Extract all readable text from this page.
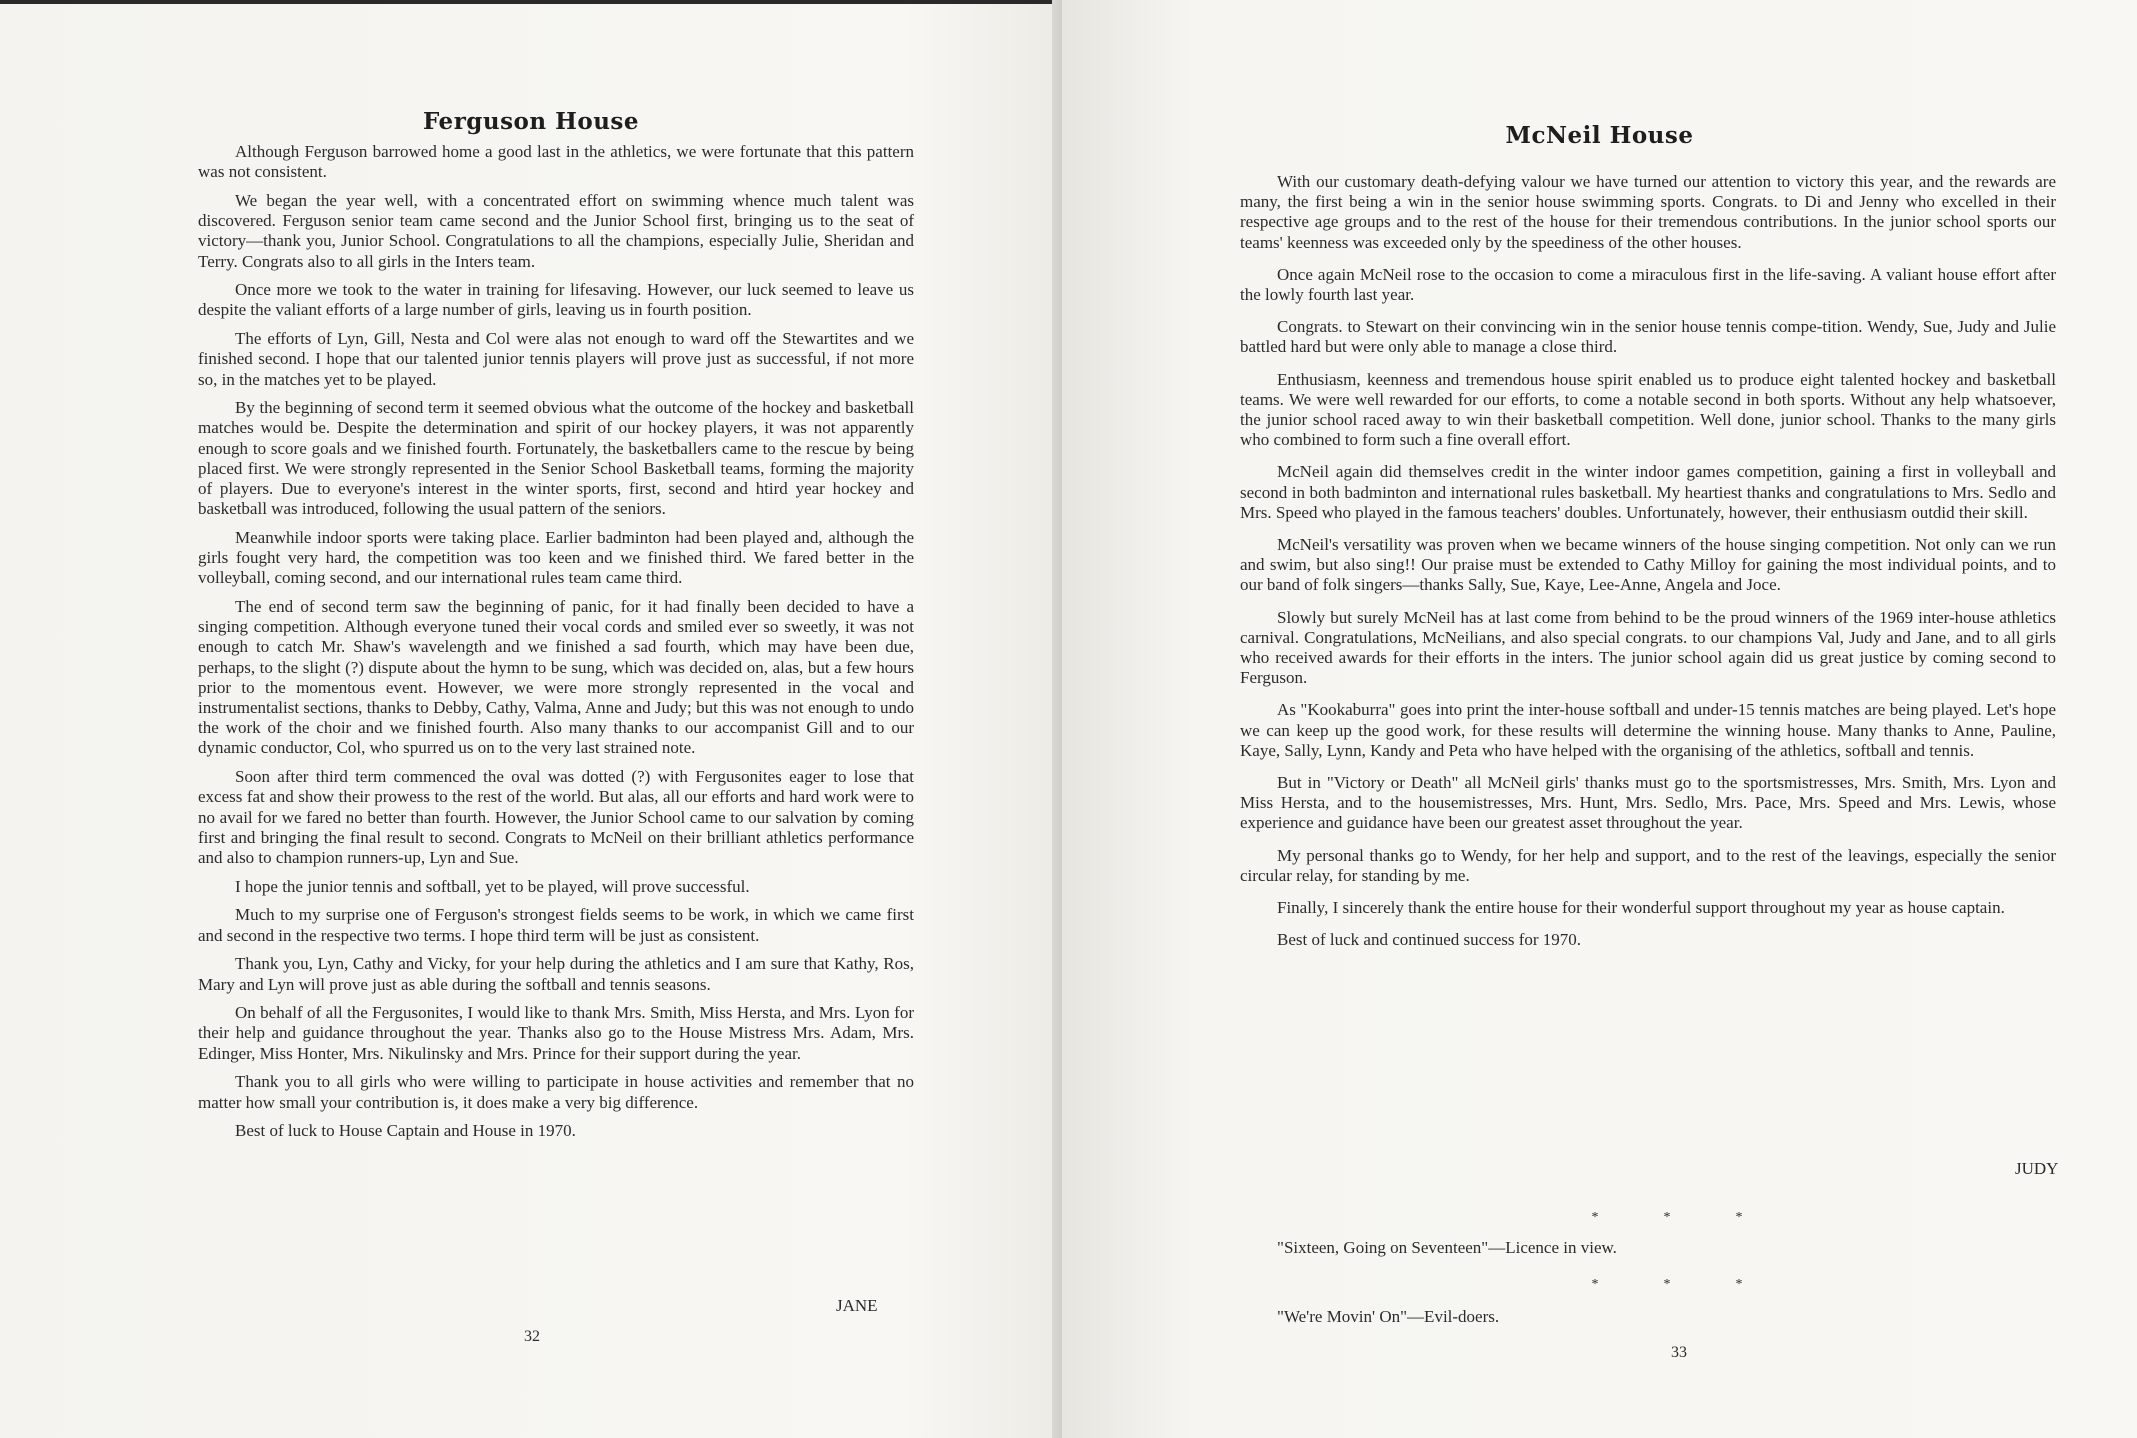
Ferguson House

Although Ferguson barrowed home a good last in the athletics, we were fortunate that this pattern was not consistent.

We began the year well, with a concentrated effort on swimming whence much talent was discovered. Ferguson senior team came second and the Junior School first, bringing us to the seat of victory—thank you, Junior School. Congratulations to all the champions, especially Julie, Sheridan and Terry. Congrats also to all girls in the Inters team.

Once more we took to the water in training for lifesaving. However, our luck seemed to leave us despite the valiant efforts of a large number of girls, leaving us in fourth position.

The efforts of Lyn, Gill, Nesta and Col were alas not enough to ward off the Stewartites and we finished second. I hope that our talented junior tennis players will prove just as successful, if not more so, in the matches yet to be played.

By the beginning of second term it seemed obvious what the outcome of the hockey and basketball matches would be. Despite the determination and spirit of our hockey players, it was not apparently enough to score goals and we finished fourth. Fortunately, the basketballers came to the rescue by being placed first. We were strongly represented in the Senior School Basketball teams, forming the majority of players. Due to everyone's interest in the winter sports, first, second and htird year hockey and basketball was introduced, following the usual pattern of the seniors.

Meanwhile indoor sports were taking place. Earlier badminton had been played and, although the girls fought very hard, the competition was too keen and we finished third. We fared better in the volleyball, coming second, and our international rules team came third.

The end of second term saw the beginning of panic, for it had finally been decided to have a singing competition. Although everyone tuned their vocal cords and smiled ever so sweetly, it was not enough to catch Mr. Shaw's wavelength and we finished a sad fourth, which may have been due, perhaps, to the slight (?) dispute about the hymn to be sung, which was decided on, alas, but a few hours prior to the momentous event. However, we were more strongly represented in the vocal and instrumentalist sections, thanks to Debby, Cathy, Valma, Anne and Judy; but this was not enough to undo the work of the choir and we finished fourth. Also many thanks to our accompanist Gill and to our dynamic conductor, Col, who spurred us on to the very last strained note.

Soon after third term commenced the oval was dotted (?) with Fergusonites eager to lose that excess fat and show their prowess to the rest of the world. But alas, all our efforts and hard work were to no avail for we fared no better than fourth. However, the Junior School came to our salvation by coming first and bringing the final result to second. Congrats to McNeil on their brilliant athletics performance and also to champion runners-up, Lyn and Sue.

I hope the junior tennis and softball, yet to be played, will prove successful.

Much to my surprise one of Ferguson's strongest fields seems to be work, in which we came first and second in the respective two terms. I hope third term will be just as consistent.

Thank you, Lyn, Cathy and Vicky, for your help during the athletics and I am sure that Kathy, Ros, Mary and Lyn will prove just as able during the softball and tennis seasons.

On behalf of all the Fergusonites, I would like to thank Mrs. Smith, Miss Hersta, and Mrs. Lyon for their help and guidance throughout the year. Thanks also go to the House Mistress Mrs. Adam, Mrs. Edinger, Miss Honter, Mrs. Nikulinsky and Mrs. Prince for their support during the year.

Thank you to all girls who were willing to participate in house activities and remember that no matter how small your contribution is, it does make a very big difference.

Best of luck to House Captain and House in 1970.

JANE
32
McNeil House

With our customary death-defying valour we have turned our attention to victory this year, and the rewards are many, the first being a win in the senior house swimming sports. Congrats. to Di and Jenny who excelled in their respective age groups and to the rest of the house for their tremendous contributions. In the junior school sports our teams' keenness was exceeded only by the speediness of the other houses.

Once again McNeil rose to the occasion to come a miraculous first in the life-saving. A valiant house effort after the lowly fourth last year.

Congrats. to Stewart on their convincing win in the senior house tennis compe-tition. Wendy, Sue, Judy and Julie battled hard but were only able to manage a close third.

Enthusiasm, keenness and tremendous house spirit enabled us to produce eight talented hockey and basketball teams. We were well rewarded for our efforts, to come a notable second in both sports. Without any help whatsoever, the junior school raced away to win their basketball competition. Well done, junior school. Thanks to the many girls who combined to form such a fine overall effort.

McNeil again did themselves credit in the winter indoor games competition, gaining a first in volleyball and second in both badminton and international rules basketball. My heartiest thanks and congratulations to Mrs. Sedlo and Mrs. Speed who played in the famous teachers' doubles. Unfortunately, however, their enthusiasm outdid their skill.

McNeil's versatility was proven when we became winners of the house singing competition. Not only can we run and swim, but also sing!! Our praise must be extended to Cathy Milloy for gaining the most individual points, and to our band of folk singers—thanks Sally, Sue, Kaye, Lee-Anne, Angela and Joce.

Slowly but surely McNeil has at last come from behind to be the proud winners of the 1969 inter-house athletics carnival. Congratulations, McNeilians, and also special congrats. to our champions Val, Judy and Jane, and to all girls who received awards for their efforts in the inters. The junior school again did us great justice by coming second to Ferguson.

As "Kookaburra" goes into print the inter-house softball and under-15 tennis matches are being played. Let's hope we can keep up the good work, for these results will determine the winning house. Many thanks to Anne, Pauline, Kaye, Sally, Lynn, Kandy and Peta who have helped with the organising of the athletics, softball and tennis.

But in "Victory or Death" all McNeil girls' thanks must go to the sportsmistresses, Mrs. Smith, Mrs. Lyon and Miss Hersta, and to the housemistresses, Mrs. Hunt, Mrs. Sedlo, Mrs. Pace, Mrs. Speed and Mrs. Lewis, whose experience and guidance have been our greatest asset throughout the year.

My personal thanks go to Wendy, for her help and support, and to the rest of the leavings, especially the senior circular relay, for standing by me.

Finally, I sincerely thank the entire house for their wonderful support throughout my year as house captain.

Best of luck and continued success for 1970.

JUDY
*	*	*
"Sixteen, Going on Seventeen"—Licence in view.
*	*	*
"We're Movin' On"—Evil-doers.
33
